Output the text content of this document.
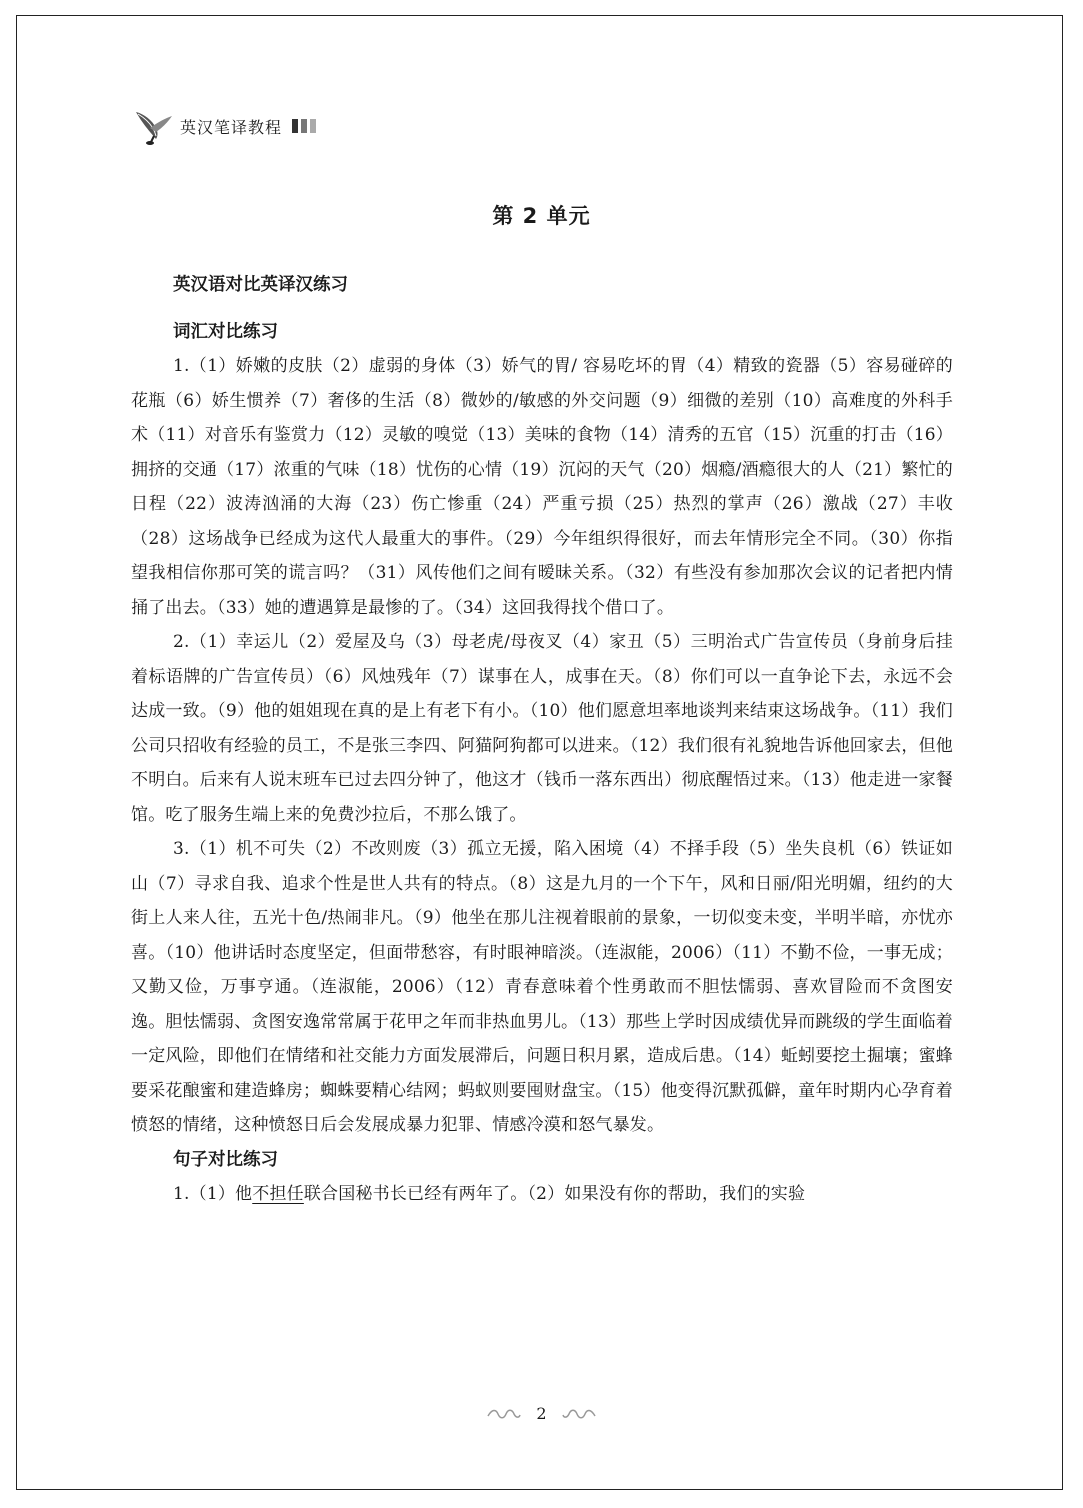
英汉笔译教程
第 2 单元
英汉语对比英译汉练习
词汇对比练习

1.（1）娇嫩的皮肤（2）虚弱的身体（3）娇气的胃/ 容易吃坏的胃（4）精致的瓷器（5）容易碰碎的花瓶（6）娇生惯养（7）奢侈的生活（8）微妙的/敏感的外交问题（9）细微的差别（10）高难度的外科手术（11）对音乐有鉴赏力（12）灵敏的嗅觉（13）美味的食物（14）清秀的五官（15）沉重的打击（16）拥挤的交通（17）浓重的气味（18）忧伤的心情（19）沉闷的天气（20）烟瘾/酒瘾很大的人（21）繁忙的日程（22）波涛汹涌的大海（23）伤亡惨重（24）严重亏损（25）热烈的掌声（26）激战（27）丰收（28）这场战争已经成为这代人最重大的事件。（29）今年组织得很好，而去年情形完全不同。（30）你指望我相信你那可笑的谎言吗？（31）风传他们之间有暧昧关系。（32）有些没有参加那次会议的记者把内情捅了出去。（33）她的遭遇算是最惨的了。（34）这回我得找个借口了。

2.（1）幸运儿（2）爱屋及乌（3）母老虎/母夜叉（4）家丑（5）三明治式广告宣传员（身前身后挂着标语牌的广告宣传员）（6）风烛残年（7）谋事在人，成事在天。（8）你们可以一直争论下去，永远不会达成一致。（9）他的姐姐现在真的是上有老下有小。（10）他们愿意坦率地谈判来结束这场战争。（11）我们公司只招收有经验的员工，不是张三李四、阿猫阿狗都可以进来。（12）我们很有礼貌地告诉他回家去，但他不明白。后来有人说末班车已过去四分钟了，他这才（钱币一落东西出）彻底醒悟过来。（13）他走进一家餐馆。吃了服务生端上来的免费沙拉后，不那么饿了。

3.（1）机不可失（2）不改则废（3）孤立无援，陷入困境（4）不择手段（5）坐失良机（6）铁证如山（7）寻求自我、追求个性是世人共有的特点。（8）这是九月的一个下午，风和日丽/阳光明媚，纽约的大街上人来人往，五光十色/热闹非凡。（9）他坐在那儿注视着眼前的景象，一切似变未变，半明半暗，亦忧亦喜。（10）他讲话时态度坚定，但面带愁容，有时眼神暗淡。（连淑能，2006）（11）不勤不俭，一事无成；又勤又俭，万事亨通。（连淑能，2006）（12）青春意味着个性勇敢而不胆怯懦弱、喜欢冒险而不贪图安逸。胆怯懦弱、贪图安逸常常属于花甲之年而非热血男儿。（13）那些上学时因成绩优异而跳级的学生面临着一定风险，即他们在情绪和社交能力方面发展滞后，问题日积月累，造成后患。（14）蚯蚓要挖土掘壤；蜜蜂要采花酿蜜和建造蜂房；蜘蛛要精心结网；蚂蚁则要囤财盘宝。（15）他变得沉默孤僻，童年时期内心孕育着愤怒的情绪，这种愤怒日后会发展成暴力犯罪、情感冷漠和怒气暴发。

句子对比练习

1.（1）他不担任联合国秘书长已经有两年了。（2）如果没有你的帮助，我们的实验

2
